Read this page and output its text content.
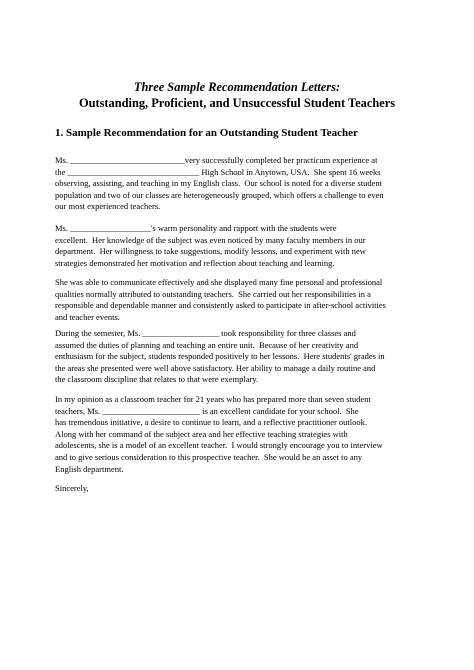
Three Sample Recommendation Letters:

Outstanding, Proficient, and Unsuccessful Student Teachers

1. Sample Recommendation for an Outstanding Student Teacher

Ms. ___________________________very successfully completed her practicum experience at
the _______________________________ High School in Anytown, USA.  She spent 16 weeks
observing, assisting, and teaching in my English class.  Our school is noted for a diverse student
population and two of our classes are heterogeneously grouped, which offers a challenge to even
our most experienced teachers.

Ms. ___________________'s warm personality and rapport with the students were
excellent.  Her knowledge of the subject was even noticed by many faculty members in our
department.  Her willingness to take suggestions, modify lessons, and experiment with new
strategies demonstrated her motivation and reflection about teaching and learning.

She was able to communicate effectively and she displayed many fine personal and professional
qualities normally attributed to outstanding teachers.  She carried out her responsibilities in a
responsible and dependable manner and consistently asked to participate in after-school activities
and teacher events.

During the semester, Ms. __________________ took responsibility for three classes and
assumed the duties of planning and teaching an entire unit.  Because of her creativity and
enthusiasm for the subject, students responded positively to her lessons.  Here students' grades in
the areas she presented were well above satisfactory. Her ability to manage a daily routine and
the classroom discipline that relates to that were exemplary.

In my opinion as a classroom teacher for 21 years who has prepared more than seven student
teachers, Ms. _______________________ is an excellent candidate for your school.  She
has tremendous initiative, a desire to continue to learn, and a reflective practitioner outlook.
Along with her command of the subject area and her effective teaching strategies with
adolescents, she is a model of an excellent teacher.  I would strongly encourage you to interview
and to give serious consideration to this prospective teacher.  She would be an asset to any
English department.

Sincerely,
